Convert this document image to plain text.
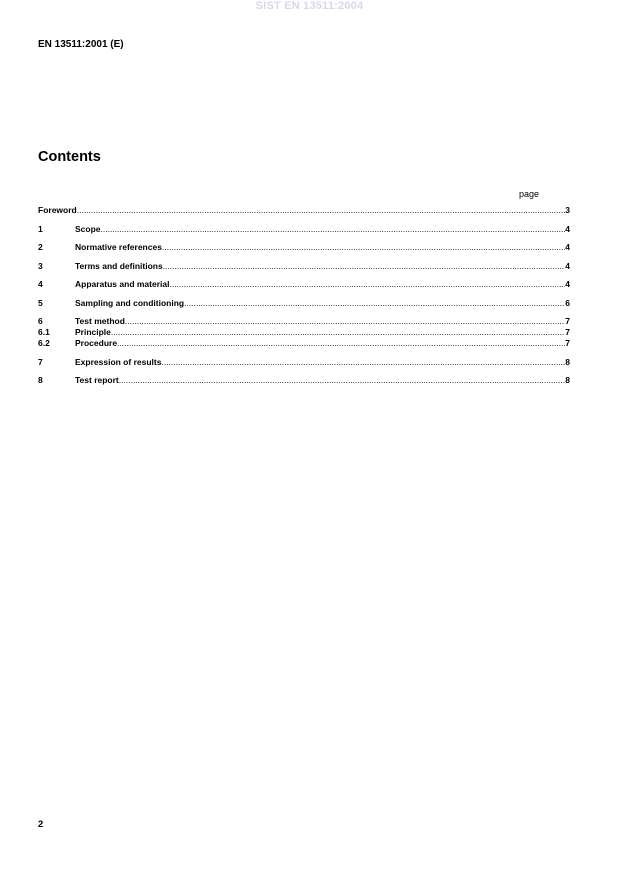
SIST EN 13511:2004
EN 13511:2001 (E)
Contents
page
Foreword .....	3
1	Scope .....	4
2	Normative references .....	4
3	Terms and definitions .....	4
4	Apparatus and material .....	4
5	Sampling and conditioning .....	6
6	Test method .....	7
6.1	Principle .....	7
6.2	Procedure .....	7
7	Expression of results .....	8
8	Test report .....	8
2
